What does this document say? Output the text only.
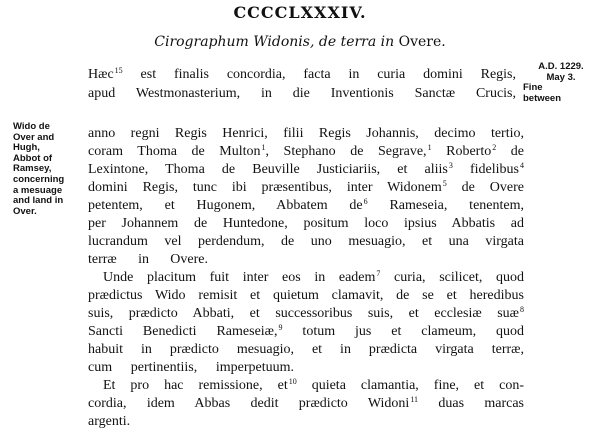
CCCCLXXXIV.
Cirographum Widonis, de terra in Overe.
A.D. 1229.
May 3.
Fine
between
Wido de
Over and
Hugh,
Abbot of
Ramsey,
concerning
a mesuage
and land in
Over.
Hæc$^{15}$ est finalis concordia, facta in curia domini Regis,
apud Westmonasterium, in die Inventionis Sanctæ Crucis,
anno regni Regis Henrici, filii Regis Johannis, decimo tertio,
coram Thoma de Multon$^1$, Stephano de Segrave,$^1$ Roberto$^2$ de
Lexintone, Thoma de Beuville Justiciariis, et aliis$^3$ fidelibus$^4$
domini Regis, tunc ibi præsentibus, inter Widonem$^5$ de Overe
petentem, et Hugonem, Abbatem de$^6$ Rameseia, tenentem,
per Johannem de Huntedone, positum loco ipsius Abbatis ad
lucrandum vel perdendum, de uno mesuagio, et una virgata
terræ in Overe.
Unde placitum fuit inter eos in eadem$^7$ curia, scilicet, quod
prædictus Wido remisit et quietum clamavit, de se et heredibus
suis, prædicto Abbati, et successoribus suis, et ecclesiæ suæ$^8$
Sancti Benedicti Rameseiæ,$^9$ totum jus et clameum, quod
habuit in prædicto mesuagio, et in prædicta virgata terræ,
cum pertinentiis, imperpetuum.
Et pro hac remissione, et$^{10}$ quieta clamantia, fine, et con-
cordia, idem Abbas dedit prædicto Widoni$^{11}$ duas marcas
argenti.
